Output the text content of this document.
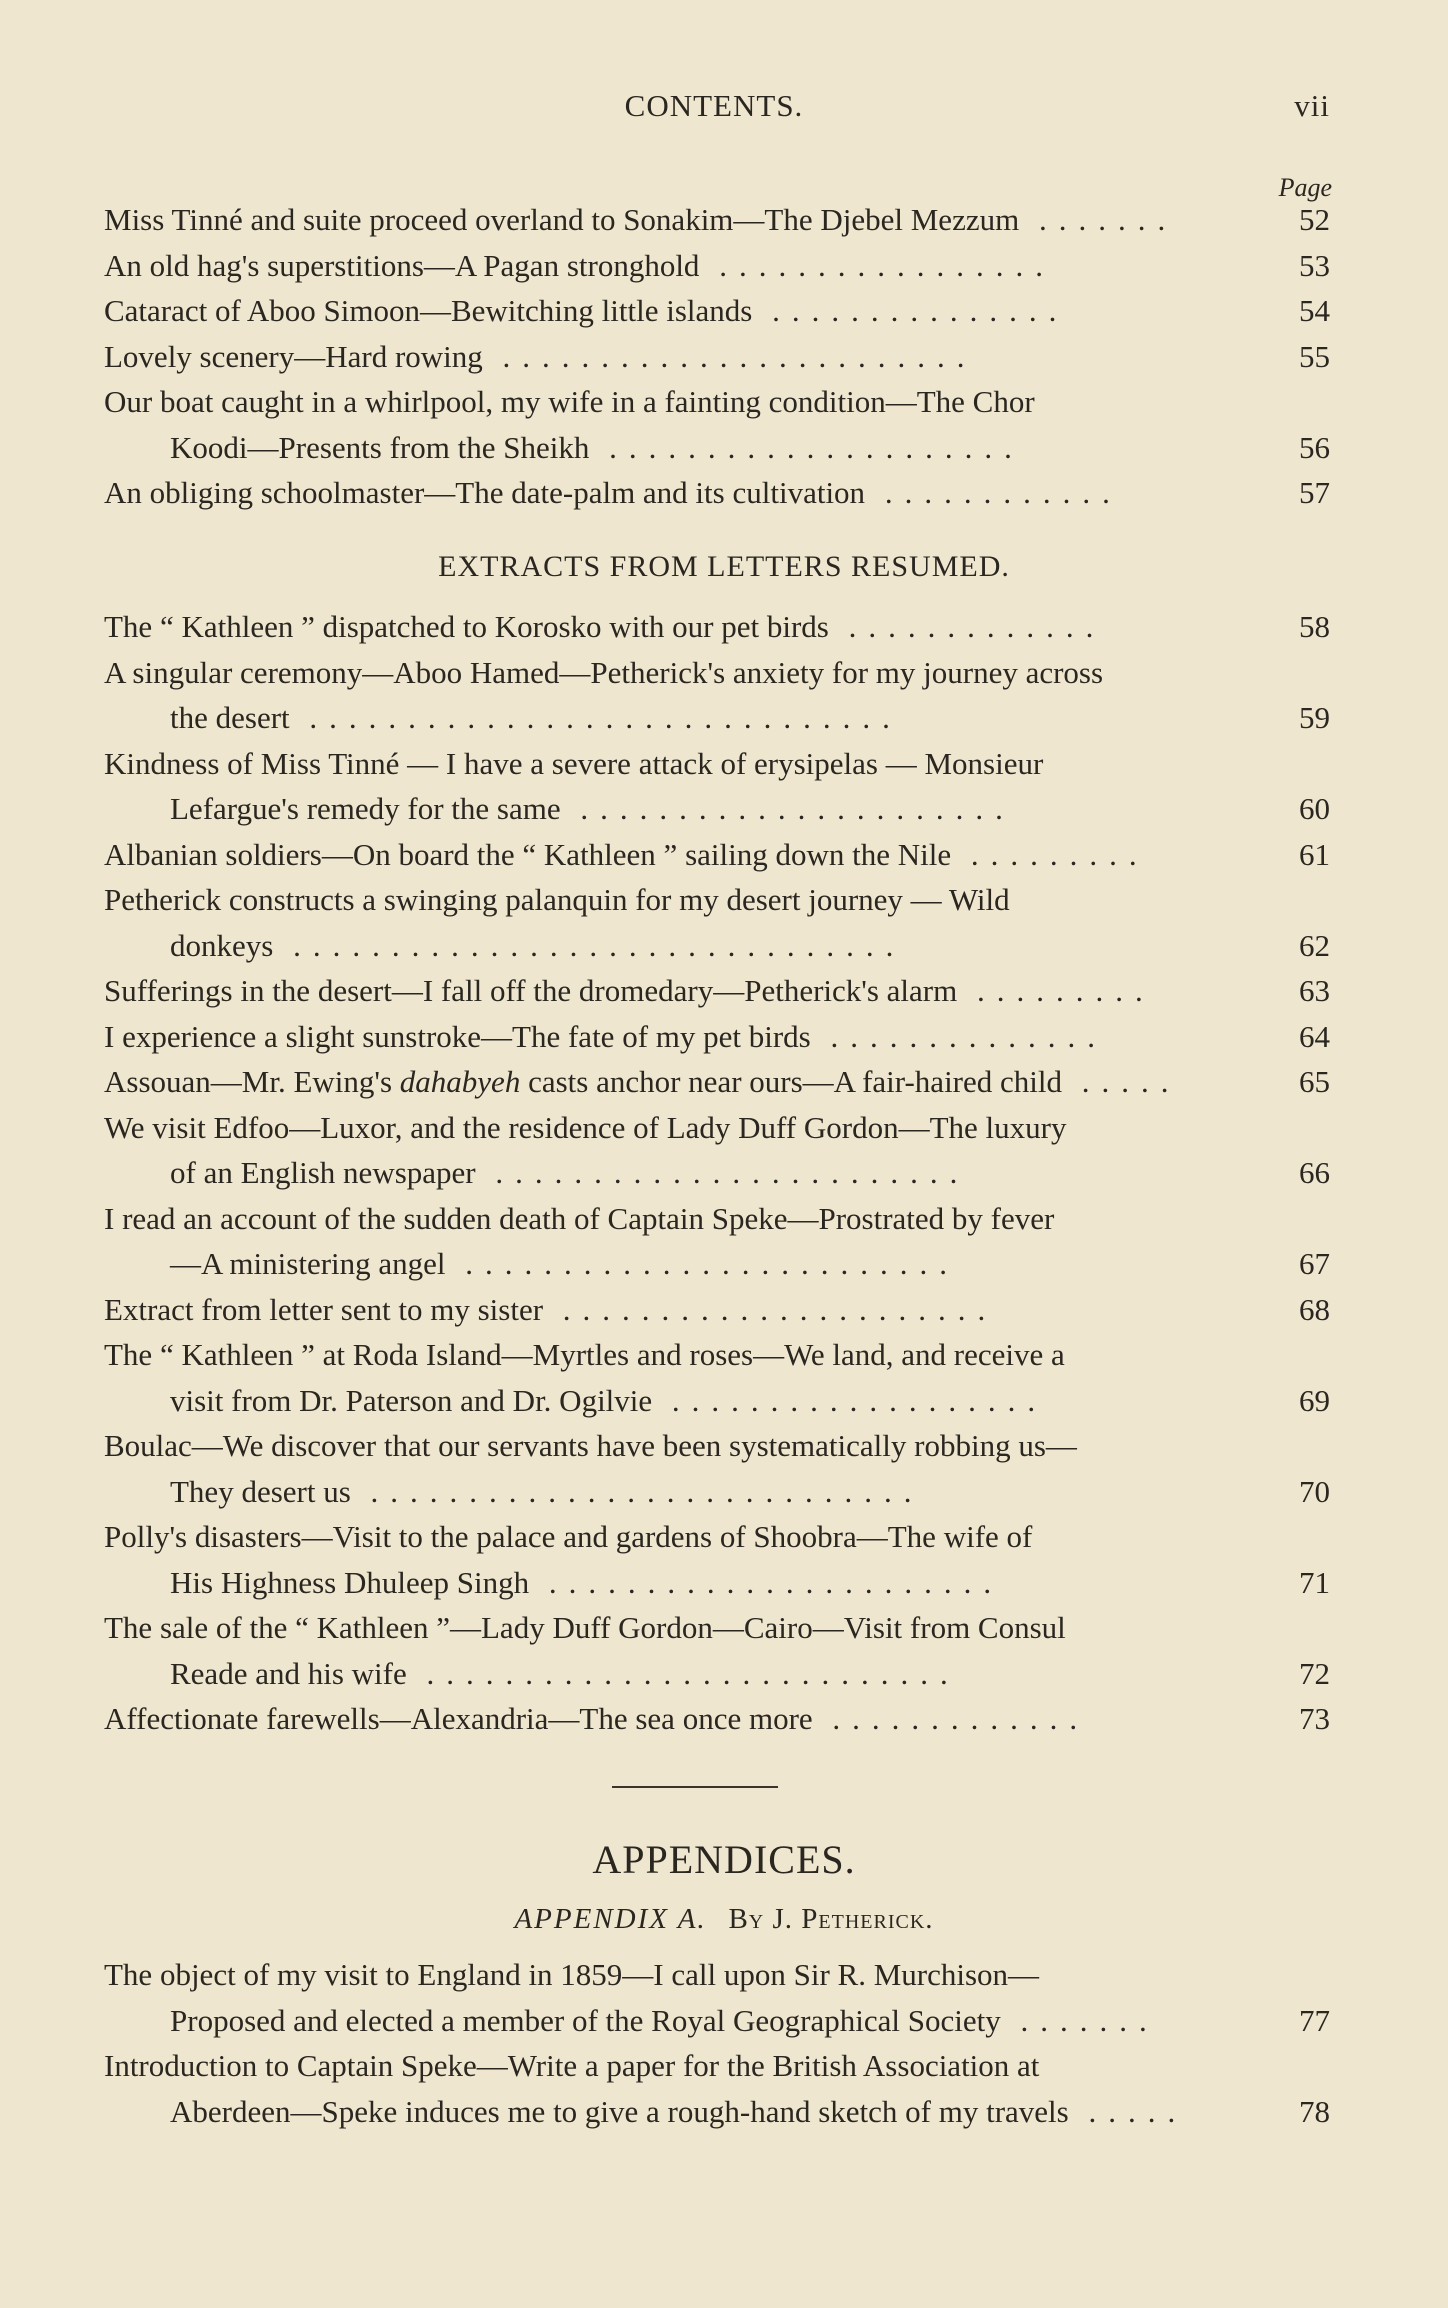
CONTENTS.	vii
Page
Miss Tinné and suite proceed overland to Sonakim—The Djebel Mezzum .......	52
An old hag's superstitions—A Pagan stronghold .................	53
Cataract of Aboo Simoon—Bewitching little islands ...............	54
Lovely scenery—Hard rowing ........................	55
Our boat caught in a whirlpool, my wife in a fainting condition—The Chor
Koodi—Presents from the Sheikh .....................	56
An obliging schoolmaster—The date-palm and its cultivation ............	57
EXTRACTS FROM LETTERS RESUMED.
The “ Kathleen ” dispatched to Korosko with our pet birds .............	58
A singular ceremony—Aboo Hamed—Petherick's anxiety for my journey across
the desert ..............................	59
Kindness of Miss Tinné — I have a severe attack of erysipelas — Monsieur
Lefargue's remedy for the same ......................	60
Albanian soldiers—On board the “ Kathleen ” sailing down the Nile .........	61
Petherick constructs a swinging palanquin for my desert journey — Wild
donkeys ...............................	62
Sufferings in the desert—I fall off the dromedary—Petherick's alarm .........	63
I experience a slight sunstroke—The fate of my pet birds ..............	64
Assouan—Mr. Ewing's dahabyeh casts anchor near ours—A fair-haired child .....	65
We visit Edfoo—Luxor, and the residence of Lady Duff Gordon—The luxury
of an English newspaper ........................	66
I read an account of the sudden death of Captain Speke—Prostrated by fever
—A ministering angel .........................	67
Extract from letter sent to my sister ......................	68
The “ Kathleen ” at Roda Island—Myrtles and roses—We land, and receive a
visit from Dr. Paterson and Dr. Ogilvie ...................	69
Boulac—We discover that our servants have been systematically robbing us—
They desert us ............................	70
Polly's disasters—Visit to the palace and gardens of Shoobra—The wife of
His Highness Dhuleep Singh .......................	71
The sale of the “ Kathleen ”—Lady Duff Gordon—Cairo—Visit from Consul
Reade and his wife ...........................	72
Affectionate farewells—Alexandria—The sea once more .............	73
APPENDICES.
APPENDIX A. By J. Petherick.
The object of my visit to England in 1859—I call upon Sir R. Murchison—
Proposed and elected a member of the Royal Geographical Society .......	77
Introduction to Captain Speke—Write a paper for the British Association at
Aberdeen—Speke induces me to give a rough-hand sketch of my travels .....	78
